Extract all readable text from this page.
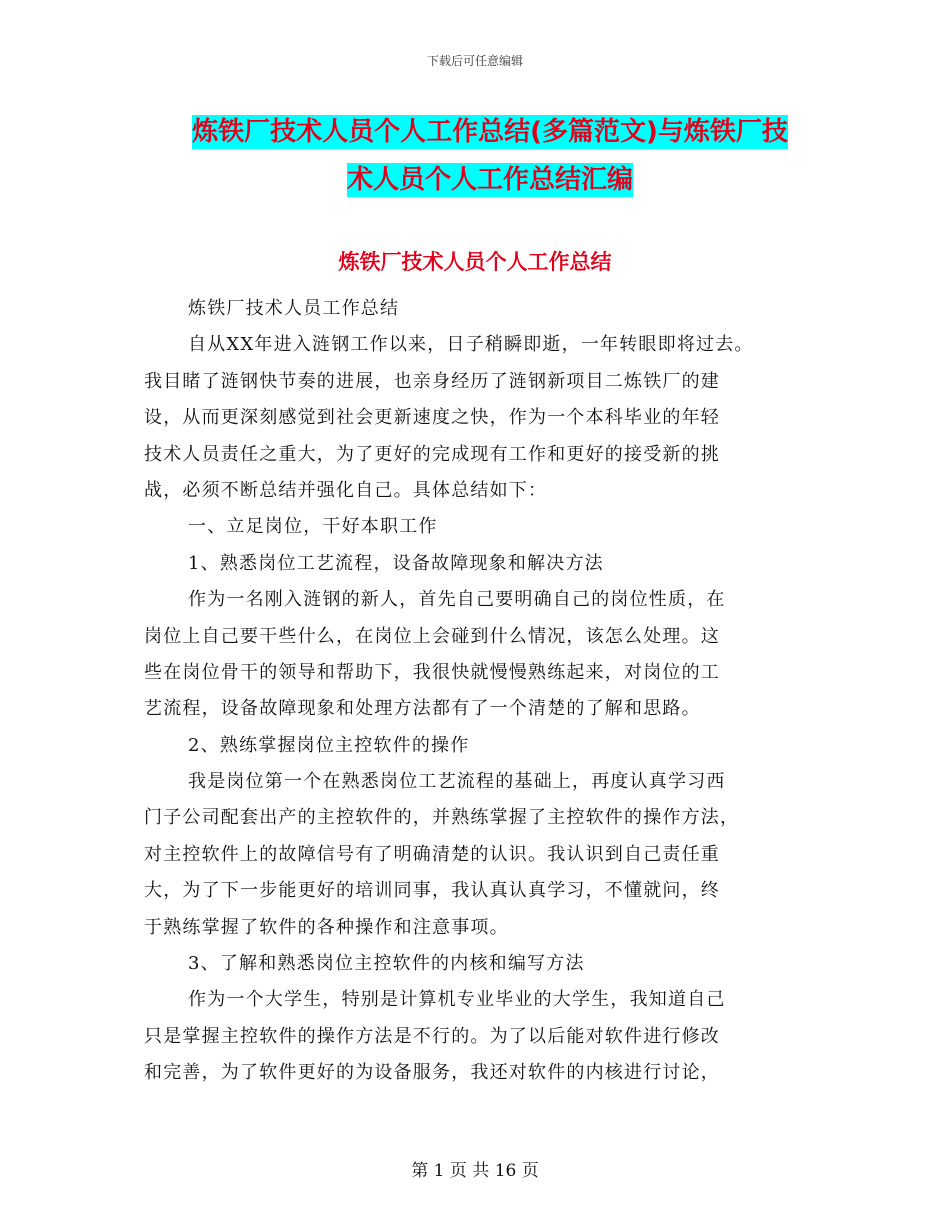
下载后可任意编辑
炼铁厂技术人员个人工作总结(多篇范文)与炼铁厂技
术人员个人工作总结汇编
炼铁厂技术人员个人工作总结
炼铁厂技术人员工作总结
自从XX年进入涟钢工作以来，日子稍瞬即逝，一年转眼即将过去。
我目睹了涟钢快节奏的进展，也亲身经历了涟钢新项目二炼铁厂的建
设，从而更深刻感觉到社会更新速度之快，作为一个本科毕业的年轻
技术人员责任之重大，为了更好的完成现有工作和更好的接受新的挑
战，必须不断总结并强化自己。具体总结如下：
一、立足岗位，干好本职工作
1、熟悉岗位工艺流程，设备故障现象和解决方法
作为一名刚入涟钢的新人，首先自己要明确自己的岗位性质，在
岗位上自己要干些什么，在岗位上会碰到什么情况，该怎么处理。这
些在岗位骨干的领导和帮助下，我很快就慢慢熟练起来，对岗位的工
艺流程，设备故障现象和处理方法都有了一个清楚的了解和思路。
2、熟练掌握岗位主控软件的操作
我是岗位第一个在熟悉岗位工艺流程的基础上，再度认真学习西
门子公司配套出产的主控软件的，并熟练掌握了主控软件的操作方法，
对主控软件上的故障信号有了明确清楚的认识。我认识到自己责任重
大，为了下一步能更好的培训同事，我认真认真学习，不懂就问，终
于熟练掌握了软件的各种操作和注意事项。
3、了解和熟悉岗位主控软件的内核和编写方法
作为一个大学生，特别是计算机专业毕业的大学生，我知道自己
只是掌握主控软件的操作方法是不行的。为了以后能对软件进行修改
和完善，为了软件更好的为设备服务，我还对软件的内核进行讨论，
第 1 页 共 16 页
